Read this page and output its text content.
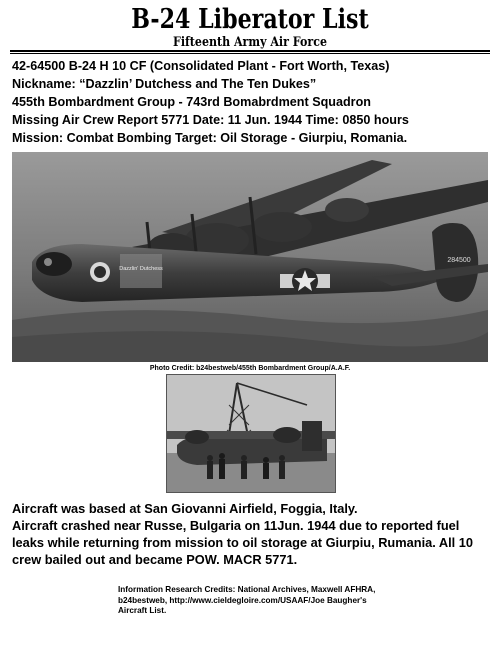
B-24 Liberator List
Fifteenth Army Air Force
42-64500 B-24 H 10 CF (Consolidated Plant - Fort Worth, Texas)
Nickname: “Dazzlin’ Dutchess and The Ten Dukes”
455th Bombardment Group - 743rd Bomabrdment Squadron
Missing Air Crew Report 5771 Date: 11 Jun. 1944 Time: 0850 hours
Mission: Combat Bombing Target: Oil Storage - Giurpiu, Romania.
Dazzlin' Dutchess
284500
Photo Credit: b24bestweb/455th Bombardment Group/A.A.F.
Aircraft was based at San Giovanni Airfield, Foggia, Italy.
Aircraft crashed near Russe, Bulgaria on 11Jun. 1944 due to reported fuel leaks while returning from mission to oil storage at Giurpiu, Rumania. All 10 crew bailed out and became POW. MACR 5771.
Information Research Credits: National Archives, Maxwell AFHRA,
b24bestweb, http://www.cieldegloire.com/USAAF/Joe Baugher's
Aircraft List.
